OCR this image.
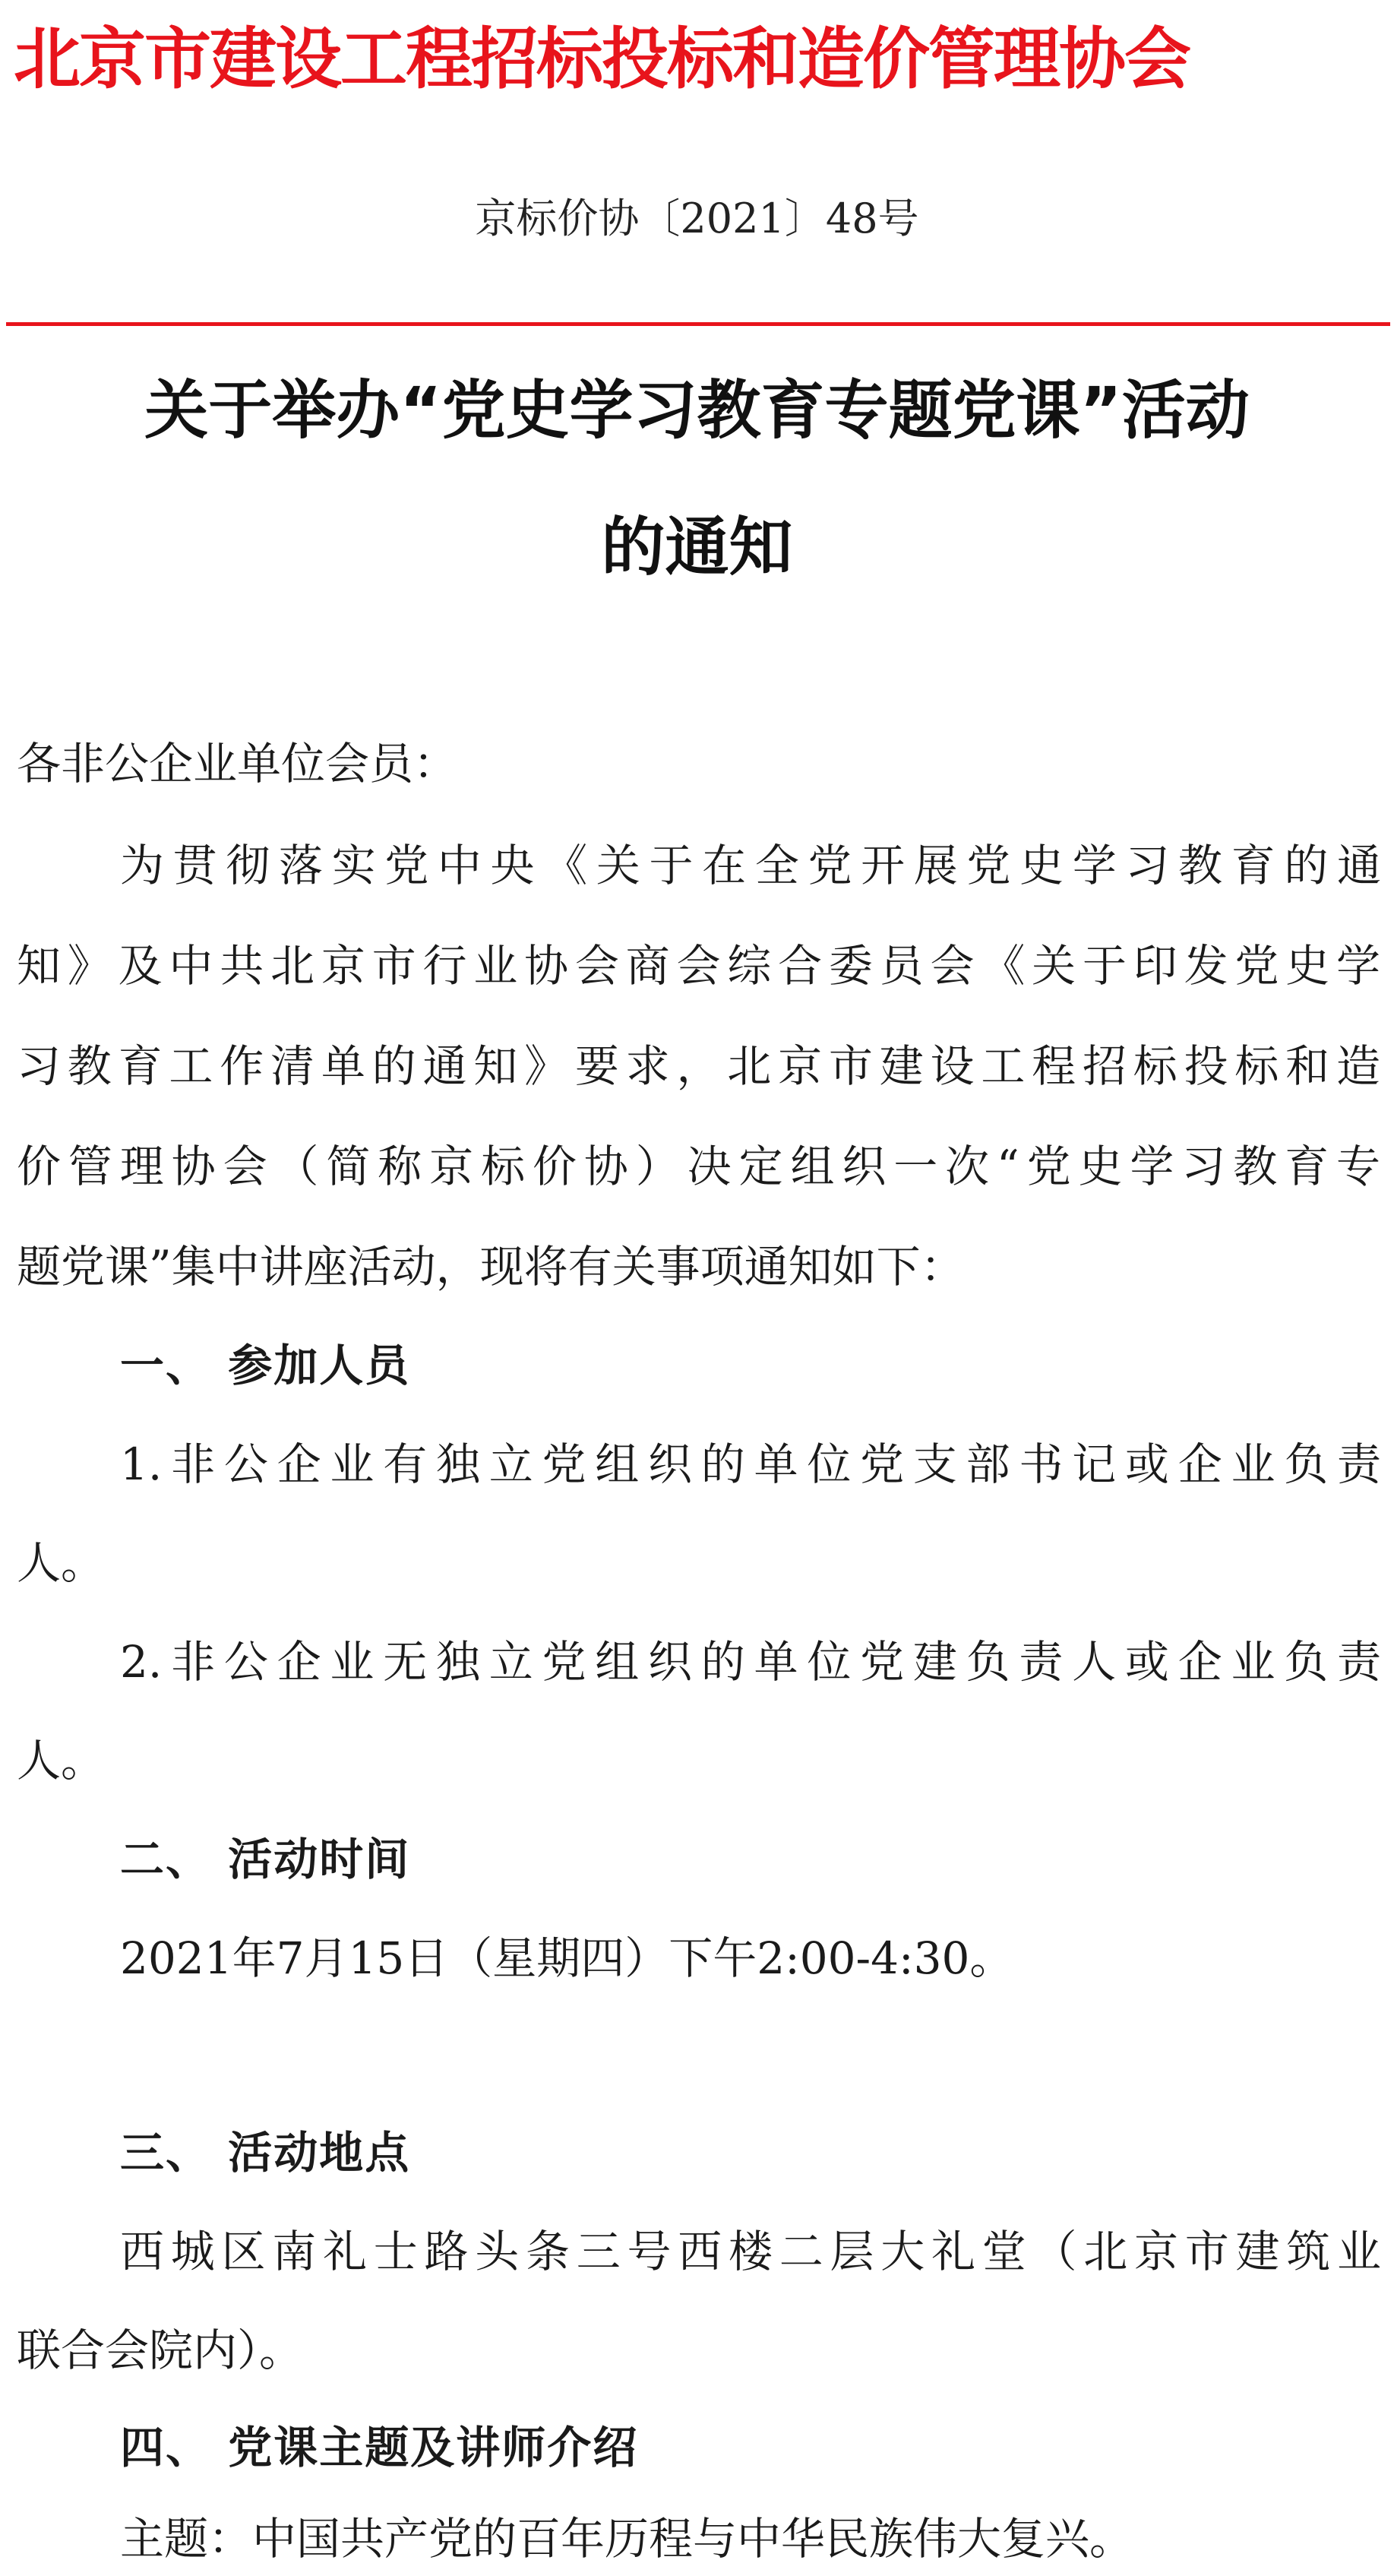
北京市建设工程招标投标和造价管理协会
京标价协〔2021〕48号
关于举办“党史学习教育专题党课”活动
的通知
各非公企业单位会员：
为贯彻落实党中央《关于在全党开展党史学习教育的通
知》及中共北京市行业协会商会综合委员会《关于印发党史学
习教育工作清单的通知》要求，北京市建设工程招标投标和造
价管理协会（简称京标价协）决定组织一次“党史学习教育专
题党课”集中讲座活动，现将有关事项通知如下：
一、 参加人员
1.非公企业有独立党组织的单位党支部书记或企业负责
人。
2.非公企业无独立党组织的单位党建负责人或企业负责
人。
二、 活动时间
2021年7月15日（星期四）下午2:00-4:30。
三、 活动地点
西城区南礼士路头条三号西楼二层大礼堂（北京市建筑业
联合会院内）。
四、 党课主题及讲师介绍
主题：中国共产党的百年历程与中华民族伟大复兴。
